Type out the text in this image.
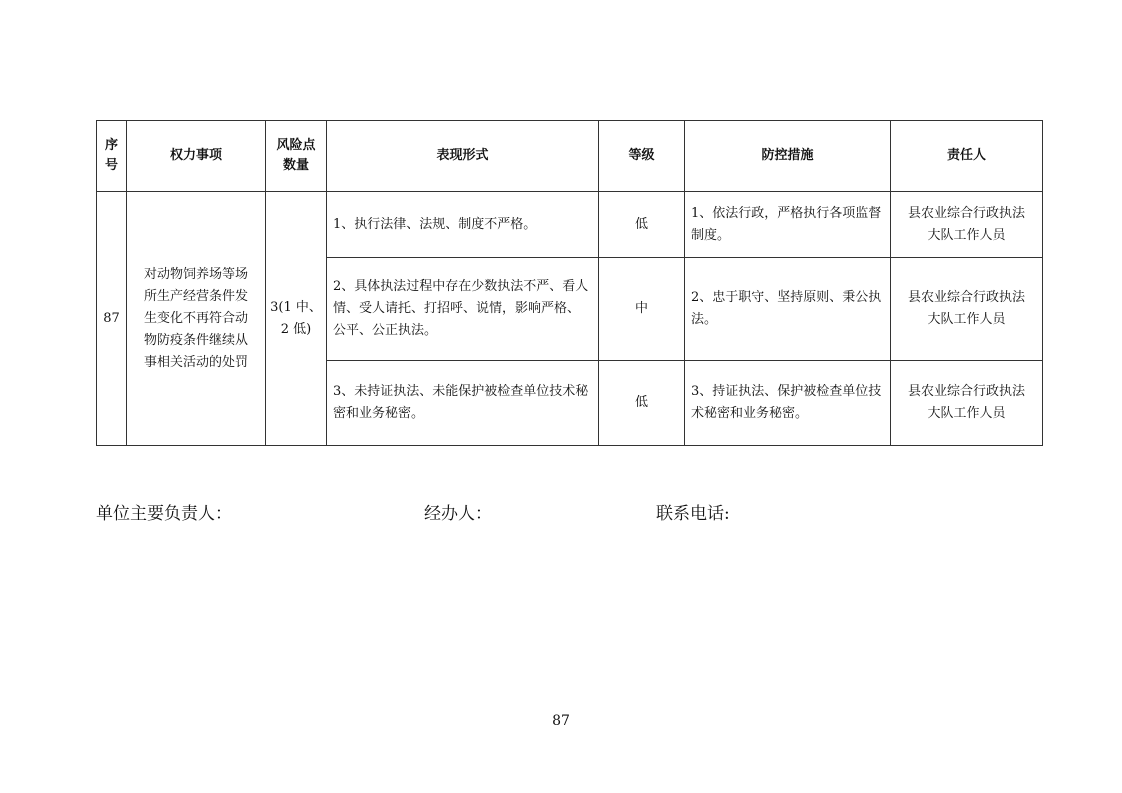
序号	权力事项	风险点数量	表现形式	等级	防控措施	责任人
87	对动物饲养场等场所生产经营条件发生变化不再符合动物防疫条件继续从事相关活动的处罚	3(1 中、2 低)	1、执行法律、法规、制度不严格。	低	1、依法行政，严格执行各项监督制度。	县农业综合行政执法大队工作人员
			2、具体执法过程中存在少数执法不严、看人情、受人请托、打招呼、说情，影响严格、公平、公正执法。	中	2、忠于职守、坚持原则、秉公执法。	县农业综合行政执法大队工作人员
			3、未持证执法、未能保护被检查单位技术秘密和业务秘密。	低	3、持证执法、保护被检查单位技术秘密和业务秘密。	县农业综合行政执法大队工作人员
单位主要负责人：	经办人：	联系电话:
87
